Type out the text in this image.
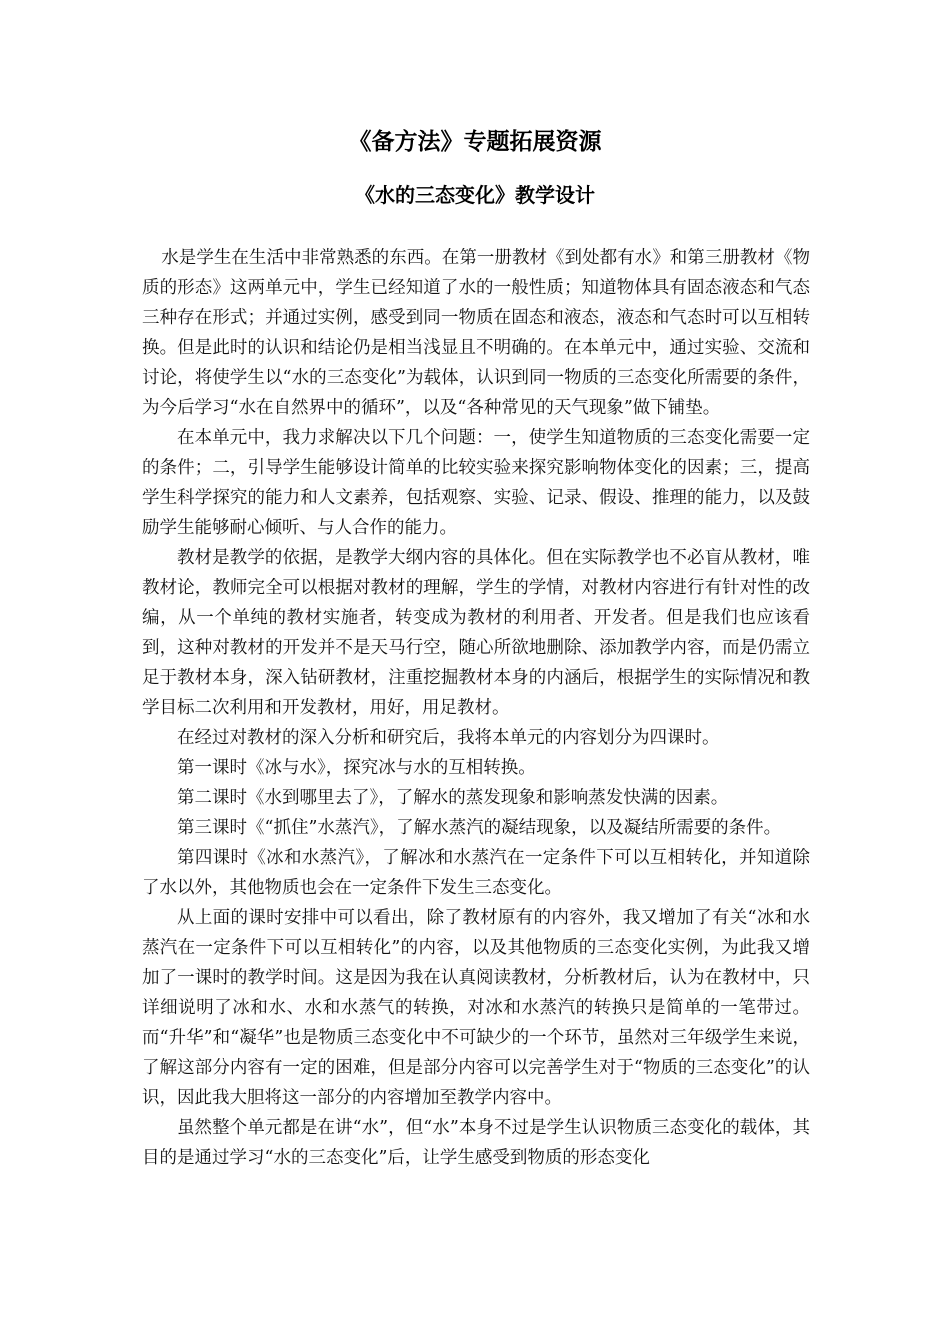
《备方法》专题拓展资源
《水的三态变化》教学设计

水是学生在生活中非常熟悉的东西。在第一册教材《到处都有水》和第三册教材《物质的形态》这两单元中，学生已经知道了水的一般性质；知道物体具有固态液态和气态三种存在形式；并通过实例，感受到同一物质在固态和液态，液态和气态时可以互相转换。但是此时的认识和结论仍是相当浅显且不明确的。在本单元中，通过实验、交流和讨论，将使学生以“水的三态变化”为载体，认识到同一物质的三态变化所需要的条件，为今后学习“水在自然界中的循环”，以及“各种常见的天气现象”做下铺垫。

在本单元中，我力求解决以下几个问题：一，使学生知道物质的三态变化需要一定的条件；二，引导学生能够设计简单的比较实验来探究影响物体变化的因素；三，提高学生科学探究的能力和人文素养，包括观察、实验、记录、假设、推理的能力，以及鼓励学生能够耐心倾听、与人合作的能力。

教材是教学的依据，是教学大纲内容的具体化。但在实际教学也不必盲从教材，唯教材论，教师完全可以根据对教材的理解，学生的学情，对教材内容进行有针对性的改编，从一个单纯的教材实施者，转变成为教材的利用者、开发者。但是我们也应该看到，这种对教材的开发并不是天马行空，随心所欲地删除、添加教学内容，而是仍需立足于教材本身，深入钻研教材，注重挖掘教材本身的内涵后，根据学生的实际情况和教学目标二次利用和开发教材，用好，用足教材。

在经过对教材的深入分析和研究后，我将本单元的内容划分为四课时。

第一课时《冰与水》，探究冰与水的互相转换。

第二课时《水到哪里去了》，了解水的蒸发现象和影响蒸发快满的因素。

第三课时《“抓住”水蒸汽》，了解水蒸汽的凝结现象，以及凝结所需要的条件。

第四课时《冰和水蒸汽》，了解冰和水蒸汽在一定条件下可以互相转化，并知道除了水以外，其他物质也会在一定条件下发生三态变化。

从上面的课时安排中可以看出，除了教材原有的内容外，我又增加了有关“冰和水蒸汽在一定条件下可以互相转化”的内容，以及其他物质的三态变化实例，为此我又增加了一课时的教学时间。这是因为我在认真阅读教材，分析教材后，认为在教材中，只详细说明了冰和水、水和水蒸气的转换，对冰和水蒸汽的转换只是简单的一笔带过。而“升华”和“凝华”也是物质三态变化中不可缺少的一个环节，虽然对三年级学生来说，了解这部分内容有一定的困难，但是部分内容可以完善学生对于“物质的三态变化”的认识，因此我大胆将这一部分的内容增加至教学内容中。

虽然整个单元都是在讲“水”，但“水”本身不过是学生认识物质三态变化的载体，其目的是通过学习“水的三态变化”后，让学生感受到物质的形态变化
